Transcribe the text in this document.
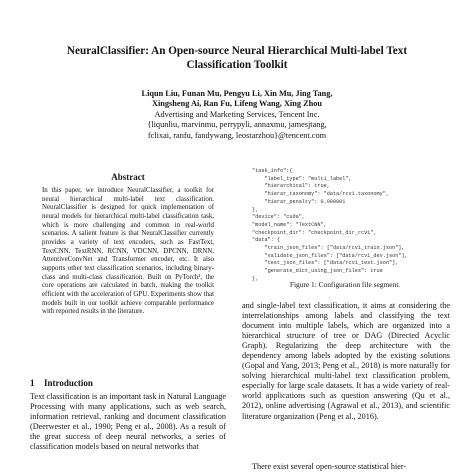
NeuralClassifier: An Open-source Neural Hierarchical Multi-label Text
Classification Toolkit
Liqun Liu, Funan Mu, Pengyu Li, Xin Mu, Jing Tang,
Xingsheng Ai, Ran Fu, Lifeng Wang, Xing Zhou
Advertising and Marketing Services, Tencent Inc.
{liqunliu, marvinmu, perrypyli, annaxmu, jamesjtang,
fclixai, ranfu, fandywang, leostarzhou}@tencent.com
Abstract

In this paper, we introduce NeuralClassifier, a toolkit for neural hierarchical multi-label text classification. NeuralClassifier is designed for quick implementation of neural models for hierarchical multi-label classification task, which is more challenging and common in real-world scenarios. A salient feature is that NeuralClassifier currently provides a variety of text encoders, such as FastText, TextCNN, TextRNN, RCNN, VDCNN, DPCNN, DRNN, AttentiveConvNet and Transformer encoder, etc. It also supports other text classification scenarios, including binary-class and multi-class classification. Built on PyTorch¹, the core operations are calculated in batch, making the toolkit efficient with the acceleration of GPU. Experiments show that models built in our toolkit achieve comparable performance with reported results in the literature.

1 Introduction

Text classification is an important task in Natural Language Processing with many applications, such as web search, information retrieval, ranking and document classification (Deerwester et al., 1990; Peng et al., 2008). As a result of the great success of deep neural networks, a series of classification models based on neural networks that

"task_info":{
"label_type": "multi_label",
"hierarchical": true,
"hierar_taxonomy": "data/rcv1.taxonomy",
"hierar_penalty": 0.000001
},
"device": "cuda",
"model_name": "TextCNN",
"checkpoint_dir": "checkpoint_dir_rcv1",
"data": {
"train_json_files": ["data/rcv1_train.json"],
"validate_json_files": ["data/rcv1_dev.json"],
"test_json_files": ["data/rcv1_test.json"],
"generate_dict_using_json_files": true
},
Figure 1: Configuration file segment.

and single-label text classification, it aims at considering the interrelationships among labels and classifying the text document into multiple labels, which are organized into a hierarchical structure of tree or DAG (Directed Acyclic Graph). Regularizing the deep architecture with the dependency among labels adopted by the existing solutions (Gopal and Yang, 2013; Peng et al., 2018) is more naturally for solving hierarchical multi-label text classification problem, especially for large scale datasets. It has a wide variety of real-world applications such as question answering (Qu et al., 2012), online advertising (Agrawal et al., 2013), and scientific literature organization (Peng et al., 2016).

There exist several open-source statistical hier-
